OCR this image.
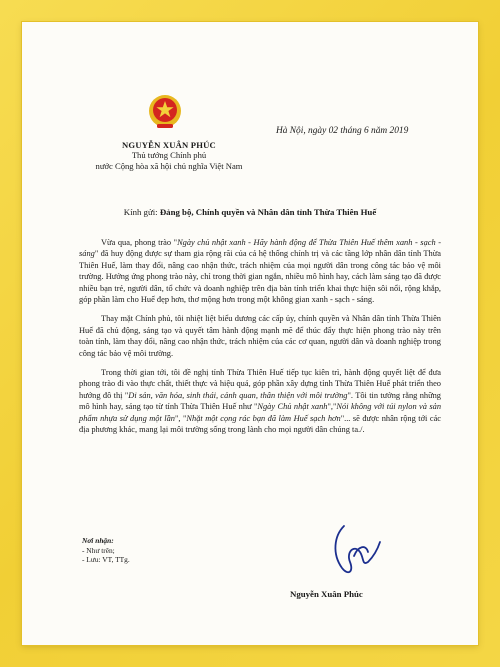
NGUYỄN XUÂN PHÚC
Thủ tướng Chính phủ
nước Cộng hòa xã hội chủ nghĩa Việt Nam
Hà Nội, ngày 02 tháng 6 năm 2019
Kính gửi: Đảng bộ, Chính quyền và Nhân dân tỉnh Thừa Thiên Huế

Vừa qua, phong trào "Ngày chủ nhật xanh - Hãy hành động để Thừa Thiên Huế thêm xanh - sạch - sáng" đã huy động được sự tham gia rộng rãi của cả hệ thống chính trị và các tầng lớp nhân dân tỉnh Thừa Thiên Huế, làm thay đổi, nâng cao nhận thức, trách nhiệm của mọi người dân trong công tác bảo vệ môi trường. Hưởng ứng phong trào này, chỉ trong thời gian ngắn, nhiều mô hình hay, cách làm sáng tạo đã được nhiều bạn trẻ, người dân, tổ chức và doanh nghiệp trên địa bàn tỉnh triển khai thực hiện sôi nổi, rộng khắp, góp phần làm cho Huế đẹp hơn, thơ mộng hơn trong một không gian xanh - sạch - sáng.

Thay mặt Chính phủ, tôi nhiệt liệt biểu dương các cấp ủy, chính quyền và Nhân dân tỉnh Thừa Thiên Huế đã chủ động, sáng tạo và quyết tâm hành động mạnh mẽ để thúc đẩy thực hiện phong trào này trên toàn tỉnh, làm thay đổi, nâng cao nhận thức, trách nhiệm của các cơ quan, người dân và doanh nghiệp trong công tác bảo vệ môi trường.

Trong thời gian tới, tôi đề nghị tỉnh Thừa Thiên Huế tiếp tục kiên trì, hành động quyết liệt để đưa phong trào đi vào thực chất, thiết thực và hiệu quả, góp phần xây dựng tỉnh Thừa Thiên Huế phát triển theo hướng đô thị "Di sản, văn hóa, sinh thái, cảnh quan, thân thiện với môi trường". Tôi tin tưởng rằng những mô hình hay, sáng tạo từ tỉnh Thừa Thiên Huế như "Ngày Chủ nhật xanh","Nói không với túi nylon và sản phẩm nhựa sử dụng một lần", "Nhặt một cọng rác bạn đã làm Huế sạch hơn"... sẽ được nhân rộng tới các địa phương khác, mang lại môi trường sống trong lành cho mọi người dân chúng ta./.

Nơi nhận:
- Như trên;
- Lưu: VT, TTg.
Nguyễn Xuân Phúc
